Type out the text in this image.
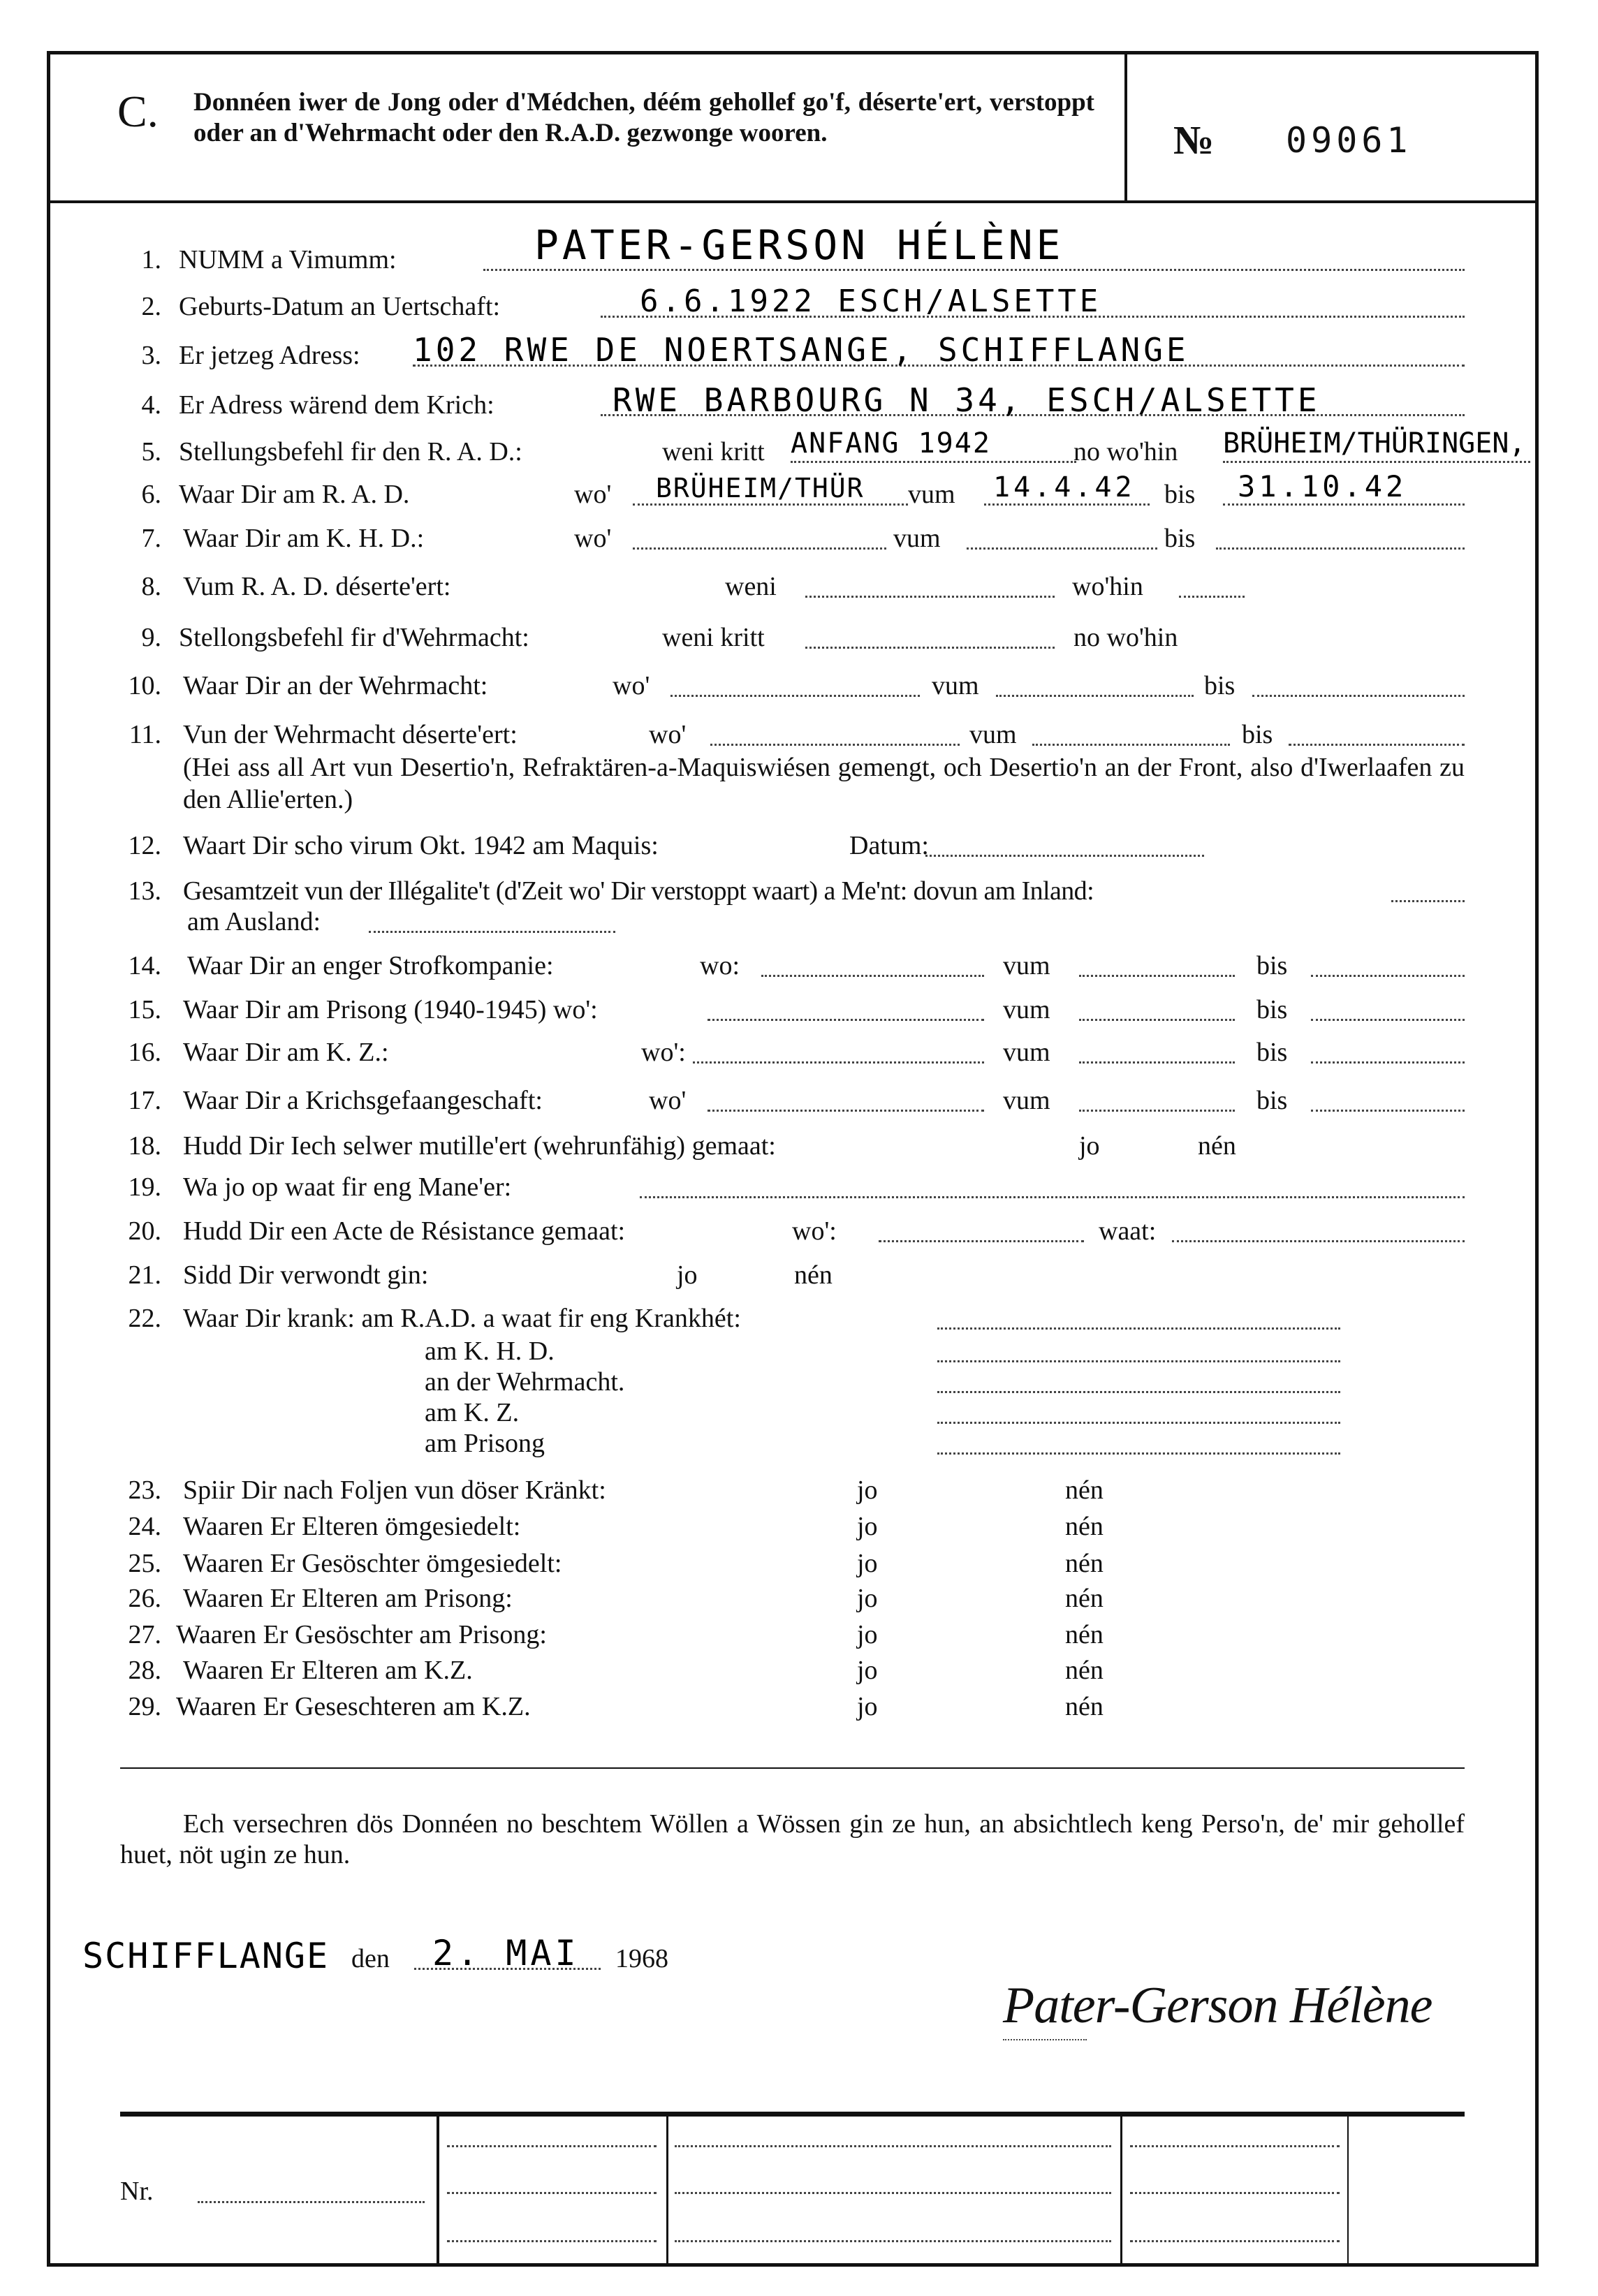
C. Donnéen iwer de Jong oder d'Médchen, déém gehollef go'f, déserte'ert, verstoppt oder an d'Wehrmacht oder den R.A.D. gezwonge wooren.	№ 09061
1. NUMM a Vimumm:	PATER-GERSON HÉLÈNE
2. Geburts-Datum an Uertschaft:	6.6.1922 ESCH/ALSETTE
3. Er jetzeg Adress: 102 RWE DE NOERTSANGE, SCHIFFLANGE
4. Er Adress wärend dem Krich:	RWE BARBOURG N 34, ESCH/ALSETTE
5. Stellungsbefehl fir den R. A. D.:	weni kritt ANFANG 1942	no wo'hin BRÜHEIM/THÜRINGEN,
6. Waar Dir am R. A. D.	wo' BRÜHEIM/THÜR vum 14.4.42 bis 31.10.42
7. Waar Dir am K. H. D.:	wo'	vum	bis
8. Vum R. A. D. déserte'ert:	weni	wo'hin
9. Stellongsbefehl fir d'Wehrmacht:	weni kritt	no wo'hin
10. Waar Dir an der Wehrmacht:	wo'	vum	bis
11. Vun der Wehrmacht déserte'ert:	wo'	vum	bis
(Hei ass all Art vun Desertio'n, Refraktären-a-Maquiswiésen gemengt, och Desertio'n an der Front, also d'Iwerlaafen zu den Allie'erten.)
12. Waart Dir scho virum Okt. 1942 am Maquis:	Datum:
13. Gesamtzeit vun der Illégalite't (d'Zeit wo' Dir verstoppt waart) a Me'nt: dovun am Inland:
am Ausland:
14. Waar Dir an enger Strofkompanie:	wo:	vum	bis
15. Waar Dir am Prisong (1940-1945) wo':	vum	bis
16. Waar Dir am K. Z.:	wo':	vum	bis
17. Waar Dir a Krichsgefaangeschaft:	wo'	vum	bis
18. Hudd Dir Iech selwer mutille'ert (wehrunfähig) gemaat:	jo	nén
19. Wa jo op waat fir eng Mane'er:
20. Hudd Dir een Acte de Résistance gemaat:	wo':	waat:
21. Sidd Dir verwondt gin:	jo	nén
22. Waar Dir krank: am R.A.D. a waat fir eng Krankhét:
am K. H. D.
an der Wehrmacht.
am K. Z.
am Prisong
23. Spiir Dir nach Foljen vun döser Kränkt:	jo	nén
24. Waaren Er Elteren ömgesiedelt:	jo	nén
25. Waaren Er Gesöschter ömgesiedelt:	jo	nén
26. Waaren Er Elteren am Prisong:	jo	nén
27. Waaren Er Gesöschter am Prisong:	jo	nén
28. Waaren Er Elteren am K.Z.	jo	nén
29. Waaren Er Geseschteren am K.Z.	jo	nén
Ech versechren dös Donnéen no beschtem Wöllen a Wössen gin ze hun, an absichtlech keng Perso'n, de' mir gehollef huet, nöt ugin ze hun.
SCHIFFLANGE den 2. MAI 1968
Pater-Gerson Hélène
Nr.
